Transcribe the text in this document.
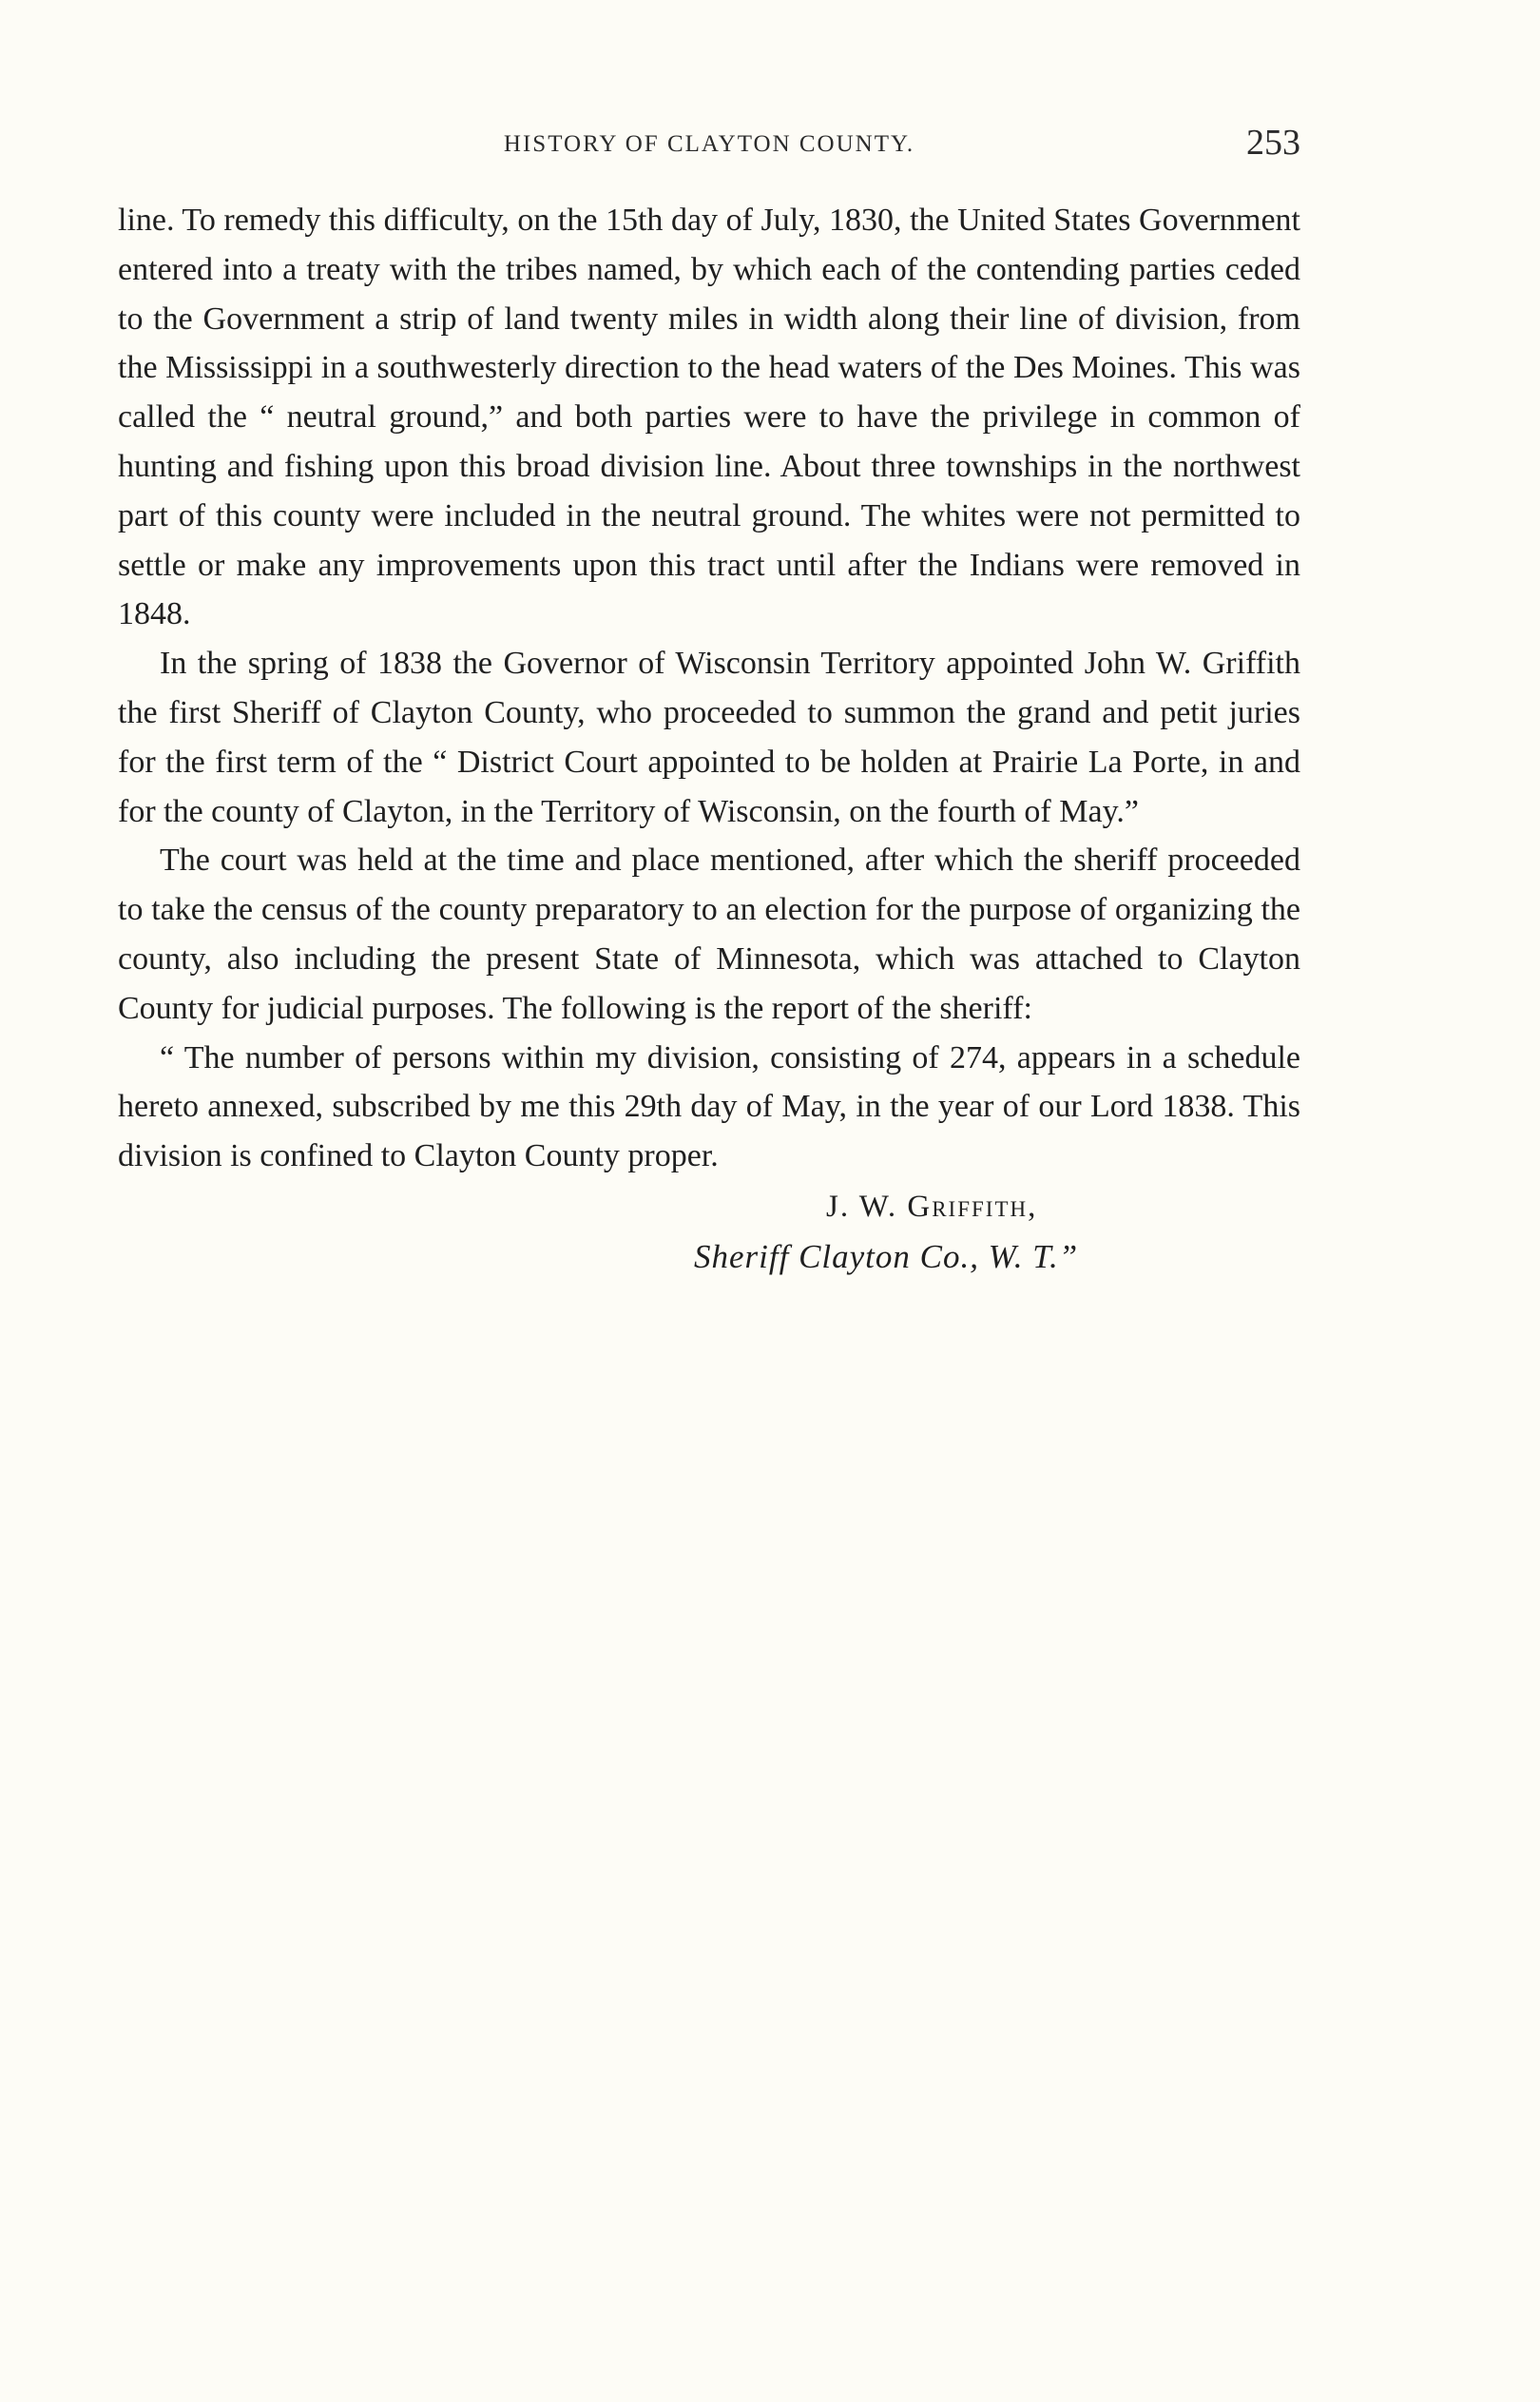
HISTORY OF CLAYTON COUNTY.	253

line. To remedy this difficulty, on the 15th day of July, 1830, the United States Government entered into a treaty with the tribes named, by which each of the contending parties ceded to the Government a strip of land twenty miles in width along their line of division, from the Mississippi in a southwesterly direction to the head waters of the Des Moines. This was called the “ neutral ground,” and both parties were to have the privilege in common of hunting and fishing upon this broad division line. About three townships in the northwest part of this county were included in the neutral ground. The whites were not permitted to settle or make any improvements upon this tract until after the Indians were removed in 1848.

In the spring of 1838 the Governor of Wisconsin Territory appointed John W. Griffith the first Sheriff of Clayton County, who proceeded to summon the grand and petit juries for the first term of the “ District Court appointed to be holden at Prairie La Porte, in and for the county of Clayton, in the Territory of Wisconsin, on the fourth of May.”

The court was held at the time and place mentioned, after which the sheriff proceeded to take the census of the county preparatory to an election for the purpose of organizing the county, also including the present State of Minnesota, which was attached to Clayton County for judicial purposes. The following is the report of the sheriff:

“ The number of persons within my division, consisting of 274, appears in a schedule hereto annexed, subscribed by me this 29th day of May, in the year of our Lord 1838. This division is confined to Clayton County proper.

J. W. Griffith,
Sheriff Clayton Co., W. T.”
